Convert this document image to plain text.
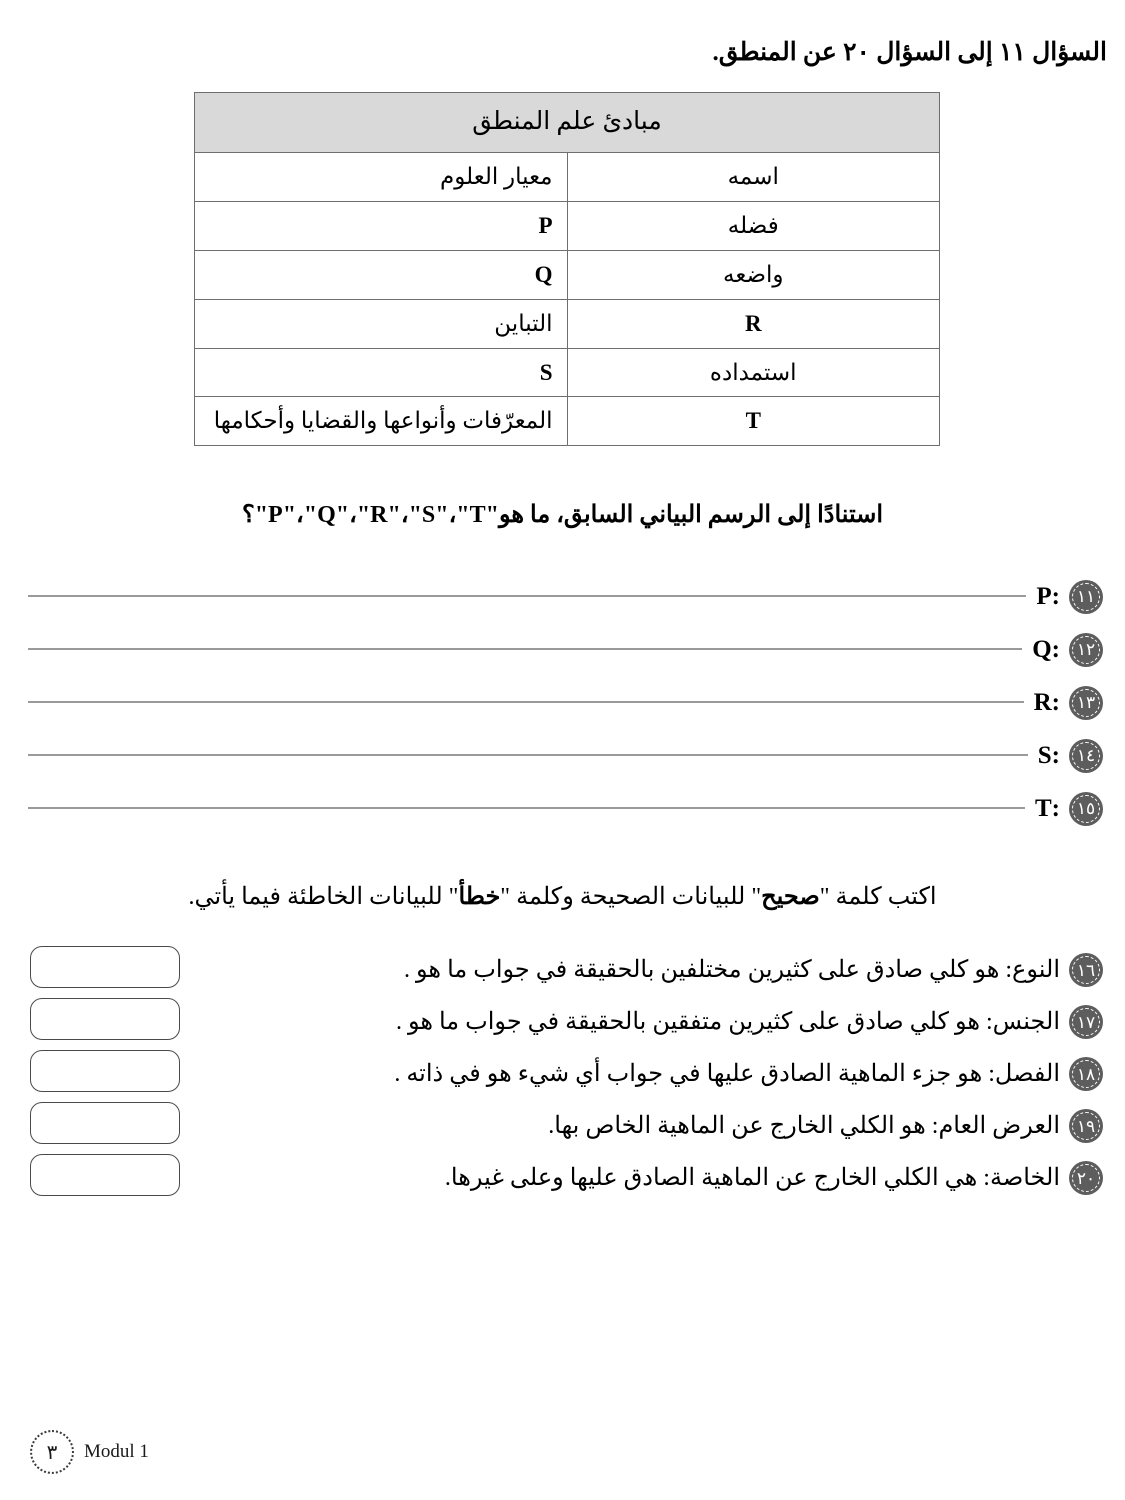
السؤال ١١ إلى السؤال ٢٠ عن المنطق.
مبادئ علم المنطق	
اسمه	معيار العلوم
فضله	P
واضعه	Q
R	التباين
استمداده	S
T	المعرّفات وأنواعها والقضايا وأحكامها
استنادًا إلى الرسم البياني السابق، ما هو"P"،"Q"،"R"،"S"،"T"؟
١١
:P
١٢
:Q
١٣
:R
١٤
:S
١٥
:T
اكتب كلمة "صحيح" للبيانات الصحيحة وكلمة "خطأ" للبيانات الخاطئة فيما يأتي.
١٦
النوع: هو كلي صادق على كثيرين مختلفين بالحقيقة في جواب ما هو .
١٧
الجنس: هو كلي صادق على كثيرين متفقين بالحقيقة في جواب ما هو .
١٨
الفصل: هو جزء الماهية الصادق عليها في جواب أي شيء هو في ذاته .
١٩
العرض العام: هو الكلي الخارج عن الماهية الخاص بها.
٢٠
الخاصة: هي الكلي الخارج عن الماهية الصادق عليها وعلى غيرها.
٣ Modul 1
